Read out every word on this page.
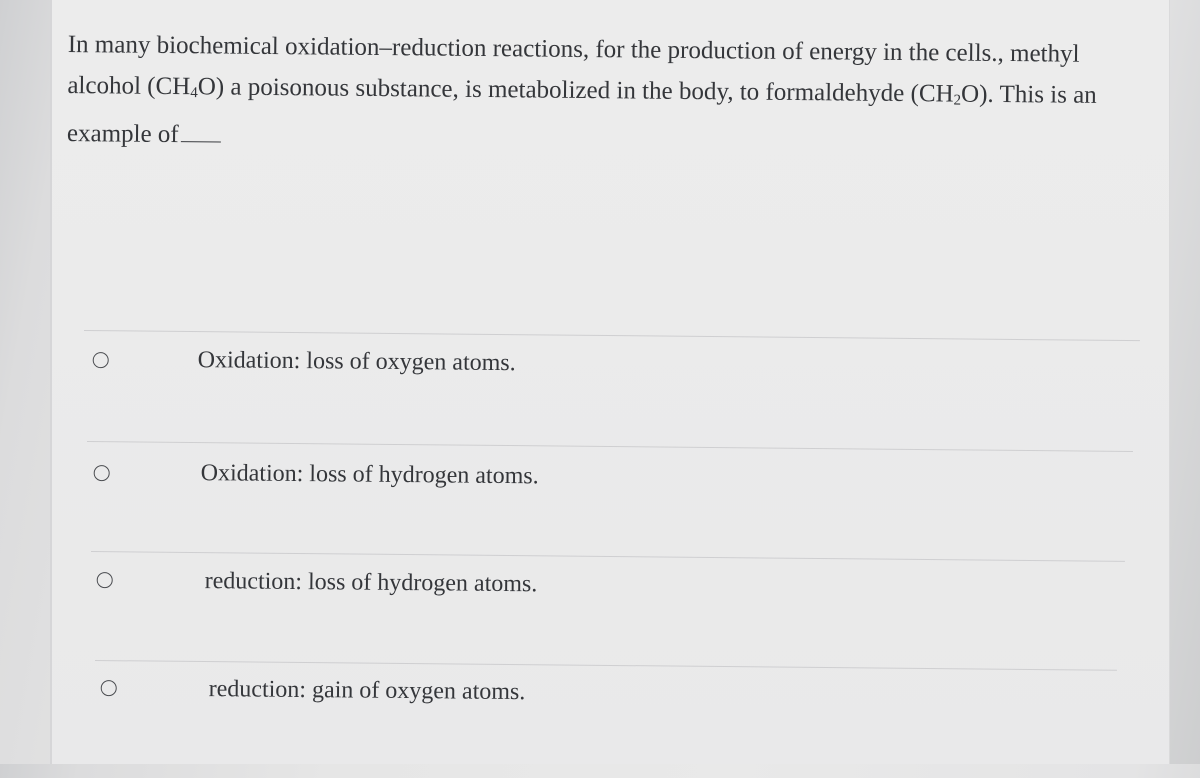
In many biochemical oxidation–reduction reactions, for the production of energy in the cells., methyl alcohol $(CH_4O)$ a poisonous substance, is metabolized in the body, to formaldehyde $(CH_2O)$. This is an example of
Oxidation: loss of oxygen atoms.
Oxidation: loss of hydrogen atoms.
reduction: loss of hydrogen atoms.
reduction: gain of oxygen atoms.
